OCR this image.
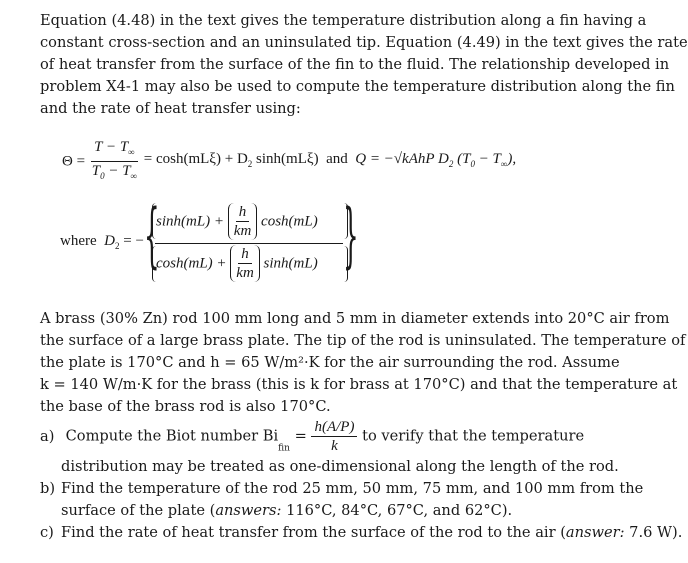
Equation (4.48) in the text gives the temperature distribution along a fin having a

constant cross-section and an uninsulated tip. Equation (4.49) in the text gives the rate

of heat transfer from the surface of the fin to the fluid. The relationship developed in

problem X4-1 may also be used to compute the temperature distribution along the fin

and the rate of heat transfer using:

$\Theta = \frac{T - T_\infty}{T_0 - T_\infty} = \cosh(mL\xi) + D_2$ sinh(mLξ) and Q = −√kAhP $D_2$ $(T_0 - T_\infty)$,
where $D_2$ = − {	}
$\sinh(mL) + \frac{h}{km} \cosh(mL)$
$\cosh(mL) + \frac{h}{km} \sinh(mL)$

A brass (30% Zn) rod 100 mm long and 5 mm in diameter extends into 20°C air from

the surface of a large brass plate. The tip of the rod is uninsulated. The temperature of

the plate is 170°C and h = 65 W/m²·K for the air surrounding the rod. Assume

k = 140 W/m·K for the brass (this is k for brass at 170°C) and that the temperature at

the base of the brass rod is also 170°C.

a) Compute the Biot number $Bi_{fin} = \frac{h(A/P)}{k}$ to verify that the temperature
distribution may be treated as one-dimensional along the length of the rod.
b) Find the temperature of the rod 25 mm, 50 mm, 75 mm, and 100 mm from the
surface of the plate (answers: 116°C, 84°C, 67°C, and 62°C).
c) Find the rate of heat transfer from the surface of the rod to the air (answer: 7.6 W).
